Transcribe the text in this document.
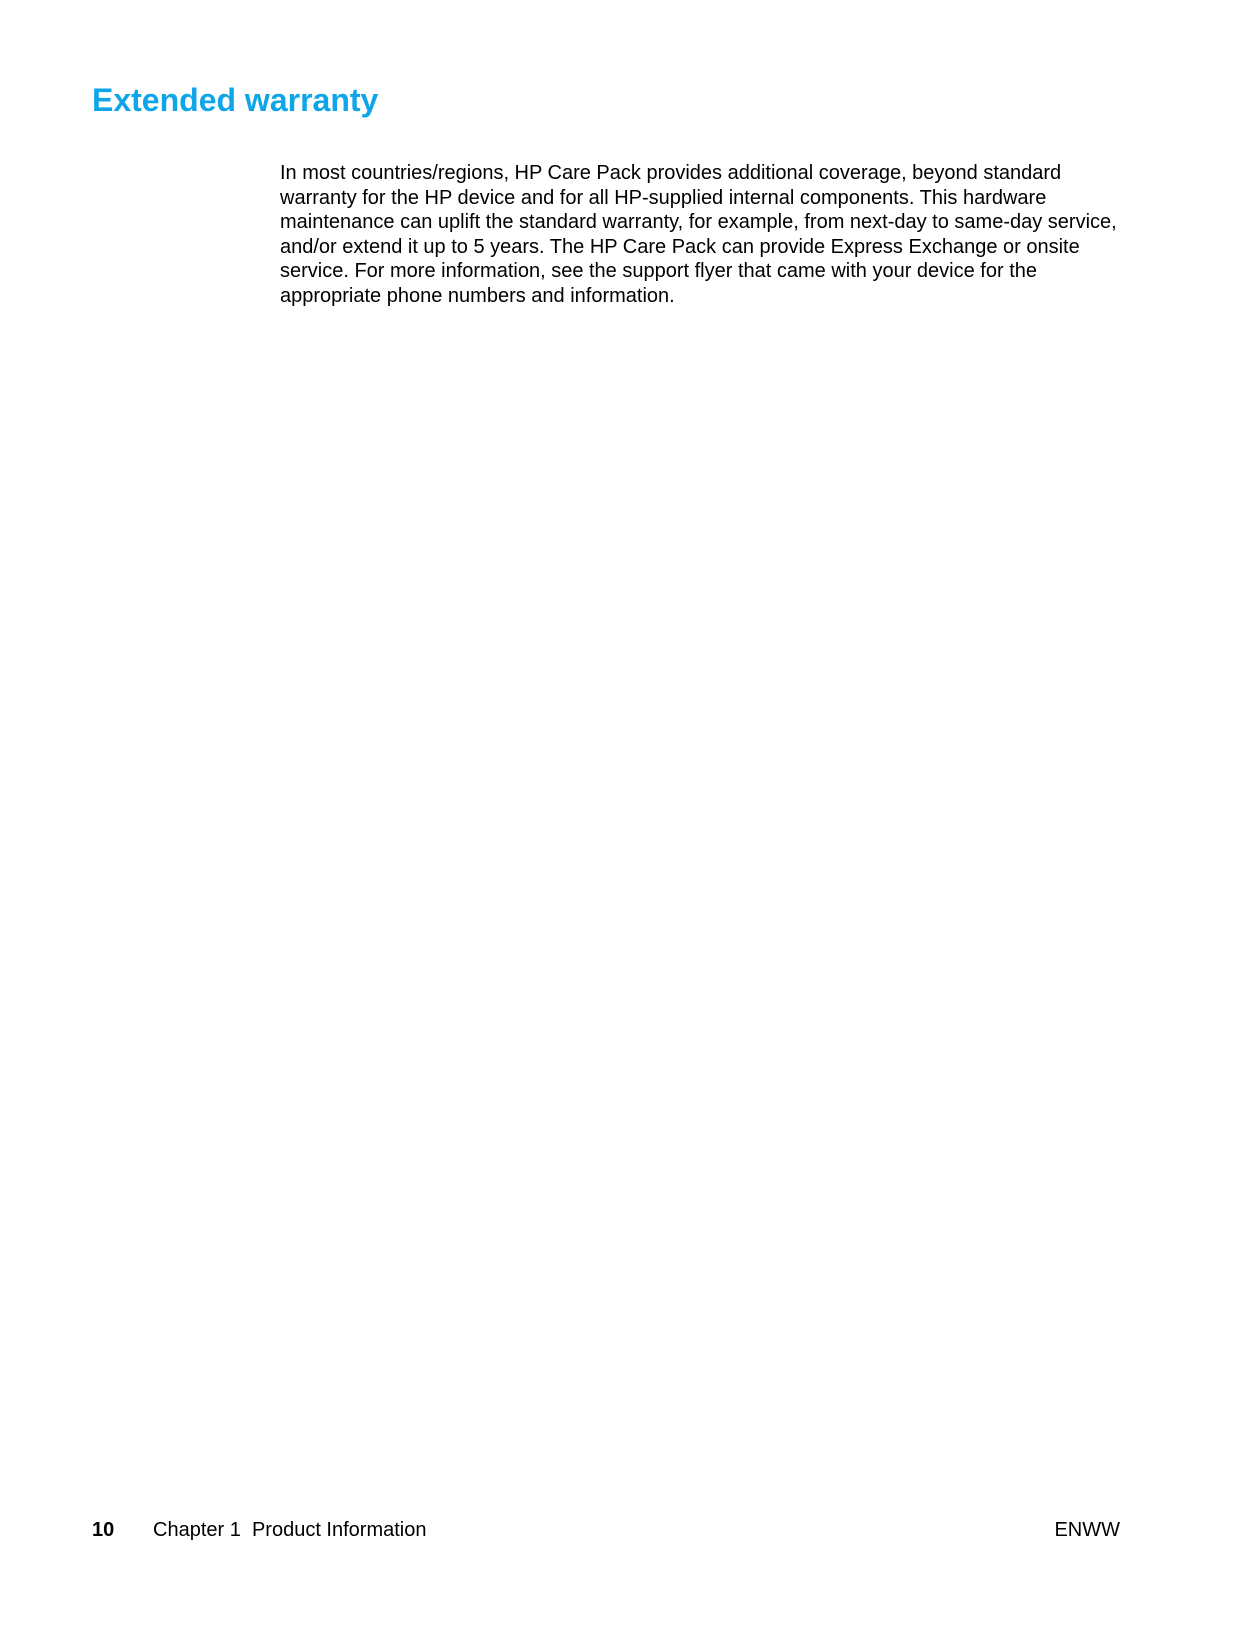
Extended warranty

In most countries/regions, HP Care Pack provides additional coverage, beyond standard warranty for the HP device and for all HP-supplied internal components. This hardware maintenance can uplift the standard warranty, for example, from next-day to same-day service, and/or extend it up to 5 years. The HP Care Pack can provide Express Exchange or onsite service. For more information, see the support flyer that came with your device for the appropriate phone numbers and information.

10 Chapter 1  Product Information	ENWW
